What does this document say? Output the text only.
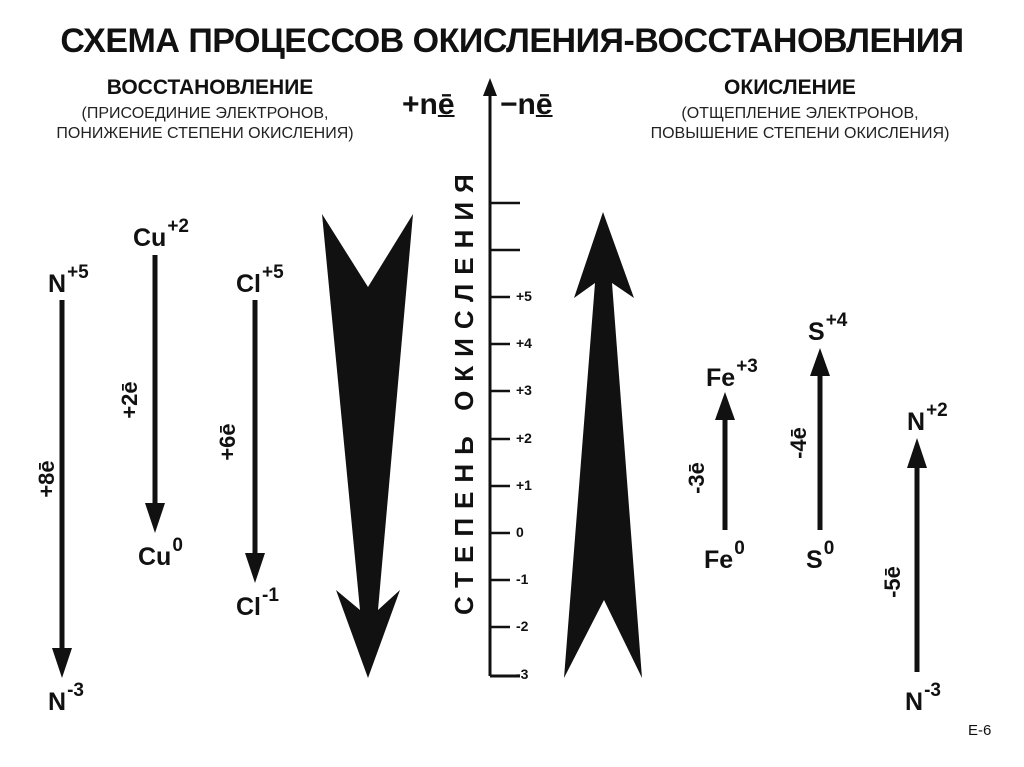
СХЕМА ПРОЦЕССОВ ОКИСЛЕНИЯ-ВОССТАНОВЛЕНИЯ
ВОССТАНОВЛЕНИЕ
(ПРИСОЕДИНИЕ ЭЛЕКТРОНОВ,
ПОНИЖЕНИЕ СТЕПЕНИ ОКИСЛЕНИЯ)
ОКИСЛЕНИЕ
(ОТЩЕПЛЕНИЕ ЭЛЕКТРОНОВ,
ПОВЫШЕНИЕ СТЕПЕНИ ОКИСЛЕНИЯ)
+nē −nē
СТЕПЕНЬ ОКИСЛЕНИЯ	+5
+4
+3
+2
+1
0
-1
-2
-3
$N^{+5}$
$N^{-3}$
+8ē
$Cu^{+2}$
$Cu^0$
+2ē
$Cl^{+5}$
$Cl^{-1}$
+6ē
$Fe^{+3}$
Fe$^0$
-3ē
$S^{+4}$
$S^0$
-4ē
$N^{+2}$
$N^{-3}$
-5ē
Е-6
